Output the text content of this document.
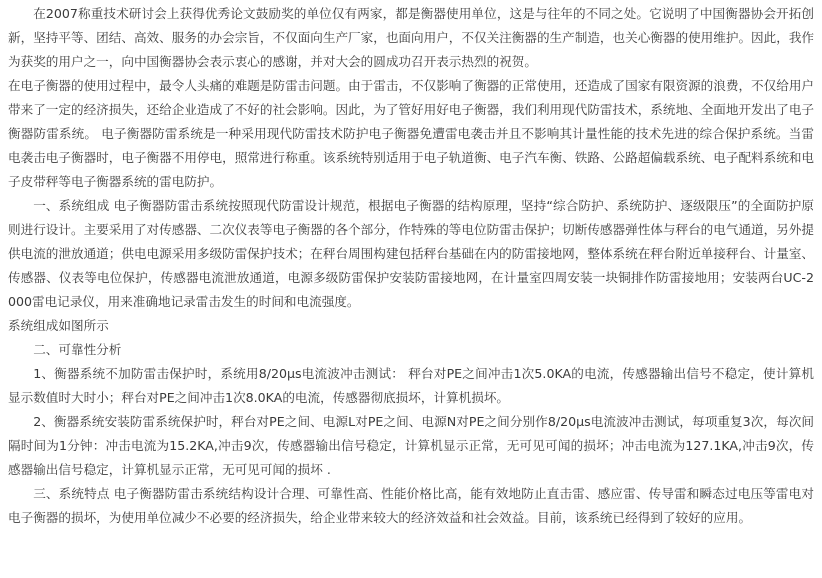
在2007称重技术研讨会上获得优秀论文鼓励奖的单位仅有两家，都是衡器使用单位，这是与往年的不同之处。它说明了中国衡器协会开拓创新，坚持平等、团结、高效、服务的办会宗旨，不仅面向生产厂家，也面向用户，不仅关注衡器的生产制造，也关心衡器的使用维护。因此，我作为获奖的用户之一，向中国衡器协会表示衷心的感谢，并对大会的圆成功召开表示热烈的祝贺。

在电子衡器的使用过程中，最令人头痛的难题是防雷击问题。由于雷击，不仅影响了衡器的正常使用，还造成了国家有限资源的浪费，不仅给用户带来了一定的经济损失，还给企业造成了不好的社会影响。因此，为了管好用好电子衡器，我们利用现代防雷技术，系统地、全面地开发出了电子衡器防雷系统。 电子衡器防雷系统是一种采用现代防雷技术防护电子衡器免遭雷电袭击并且不影响其计量性能的技术先进的综合保护系统。当雷电袭击电子衡器时，电子衡器不用停电，照常进行称重。该系统特别适用于电子轨道衡、电子汽车衡、铁路、公路超偏载系统、电子配料系统和电子皮带秤等电子衡器系统的雷电防护。

一、系统组成 电子衡器防雷击系统按照现代防雷设计规范，根据电子衡器的结构原理，坚持“综合防护、系统防护、逐级限压”的全面防护原则进行设计。主要采用了对传感器、二次仪表等电子衡器的各个部分，作特殊的等电位防雷击保护；切断传感器弹性体与秤台的电气通道，另外提供电流的泄放通道；供电电源采用多级防雷保护技术；在秤台周围构建包括秤台基础在内的防雷接地网，整体系统在秤台附近单接秤台、计量室、传感器、仪表等电位保护，传感器电流泄放通道，电源多级防雷保护安装防雷接地网，在计量室四周安装一块铜排作防雷接地用；安装两台UC-2000雷电记录仪，用来准确地记录雷击发生的时间和电流强度。

系统组成如图所示

二、可靠性分析

1、衡器系统不加防雷击保护时，系统用8/20μs电流波冲击测试： 秤台对PE之间冲击1次5.0KA的电流，传感器输出信号不稳定，使计算机显示数值时大时小；秤台对PE之间冲击1次8.0KA的电流，传感器彻底损坏，计算机损坏。

2、衡器系统安装防雷系统保护时，秤台对PE之间、电源L对PE之间、电源N对PE之间分别作8/20μs电流波冲击测试，每项重复3次，每次间隔时间为1分钟：冲击电流为15.2KA,冲击9次，传感器输出信号稳定，计算机显示正常，无可见可闻的损坏；冲击电流为127.1KA,冲击9次，传感器输出信号稳定，计算机显示正常，无可见可闻的损坏 .

三、系统特点 电子衡器防雷击系统结构设计合理、可靠性高、性能价格比高，能有效地防止直击雷、感应雷、传导雷和瞬态过电压等雷电对电子衡器的损坏，为使用单位减少不必要的经济损失，给企业带来较大的经济效益和社会效益。目前，该系统已经得到了较好的应用。
